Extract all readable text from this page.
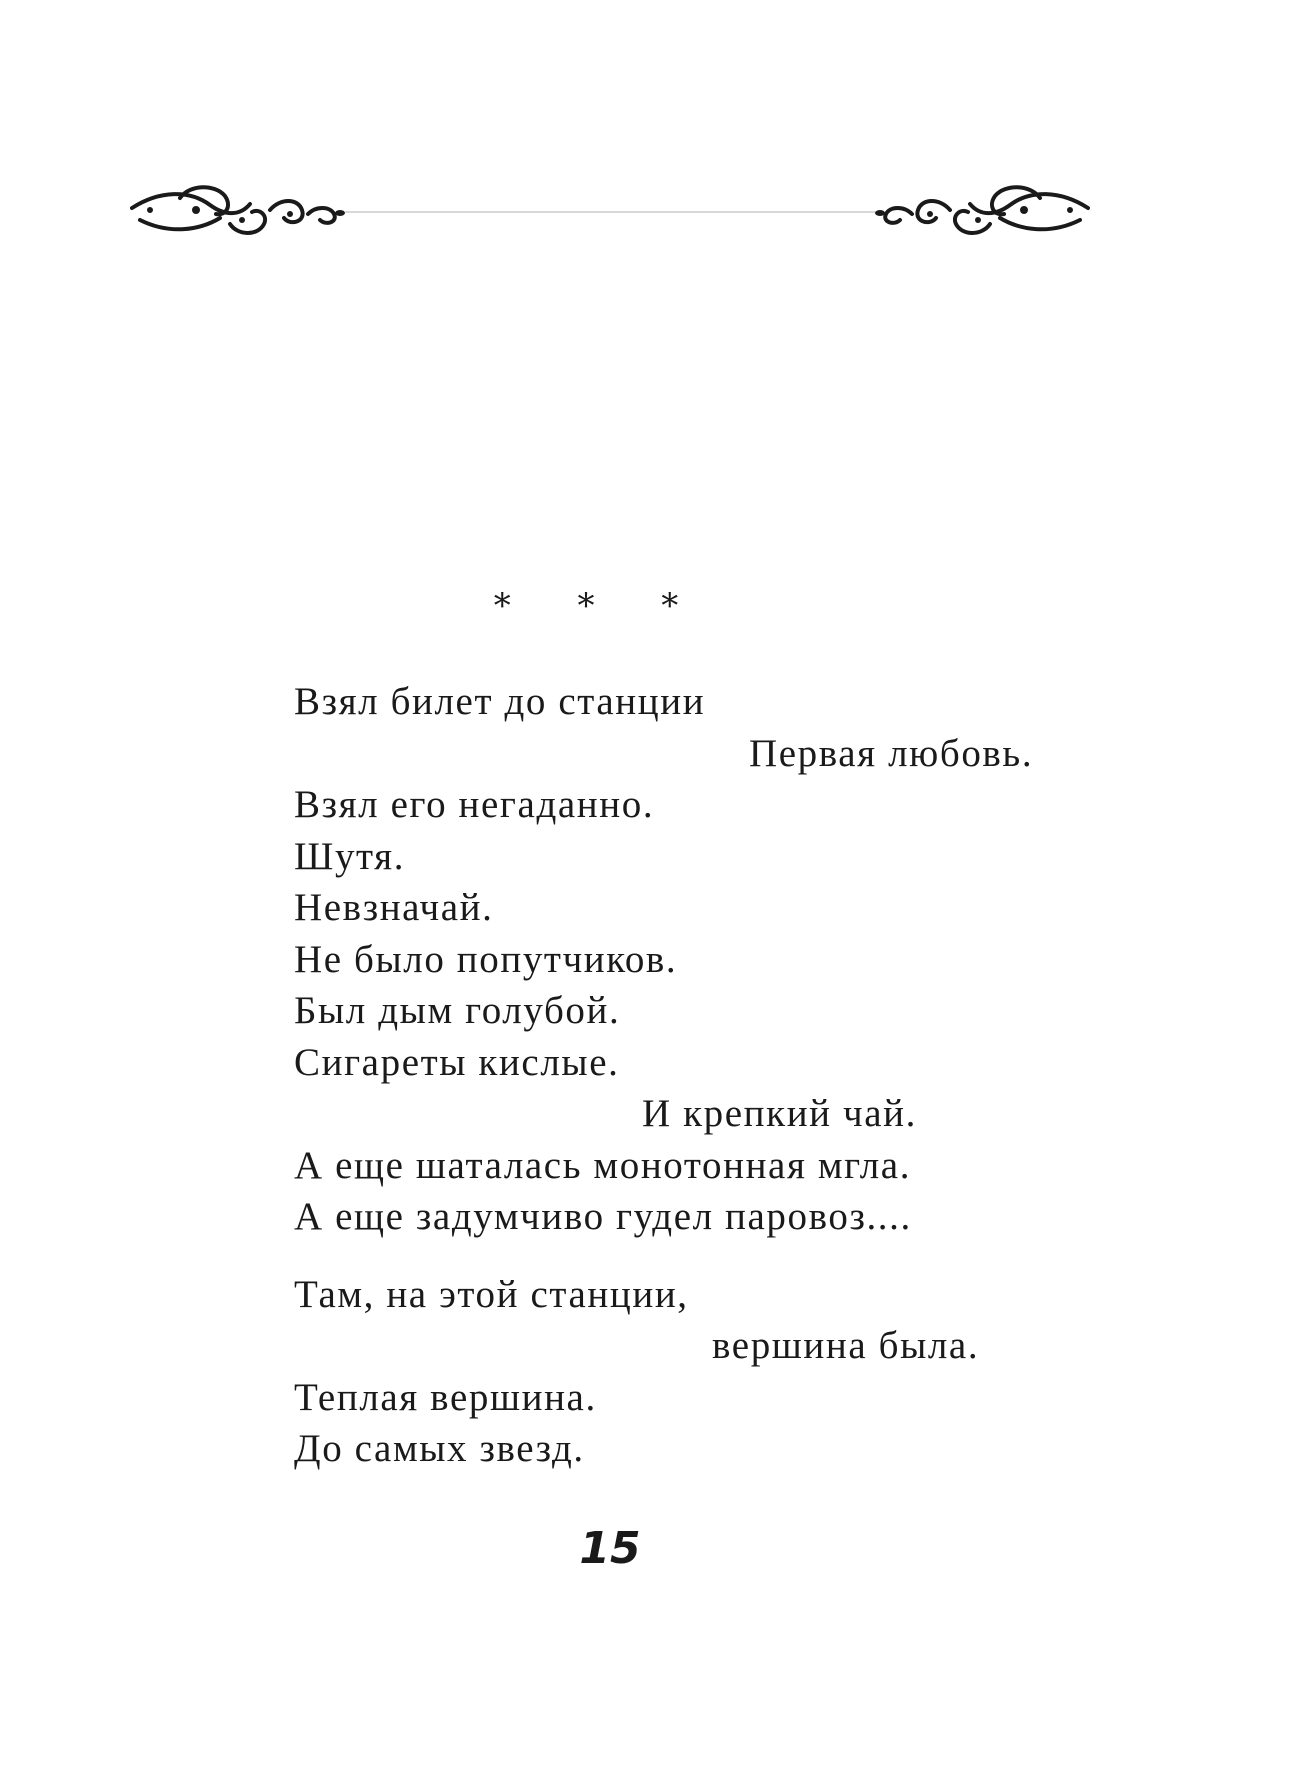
* * *
Взял билет до станции
Первая любовь.
Взял его негаданно.
Шутя.
Невзначай.
Не было попутчиков.
Был дым голубой.
Сигареты кислые.
И крепкий чай.
А еще шаталась монотонная мгла.
А еще задумчиво гудел паровоз....
Там, на этой станции,
вершина была.
Теплая вершина.
До самых звезд.
15
